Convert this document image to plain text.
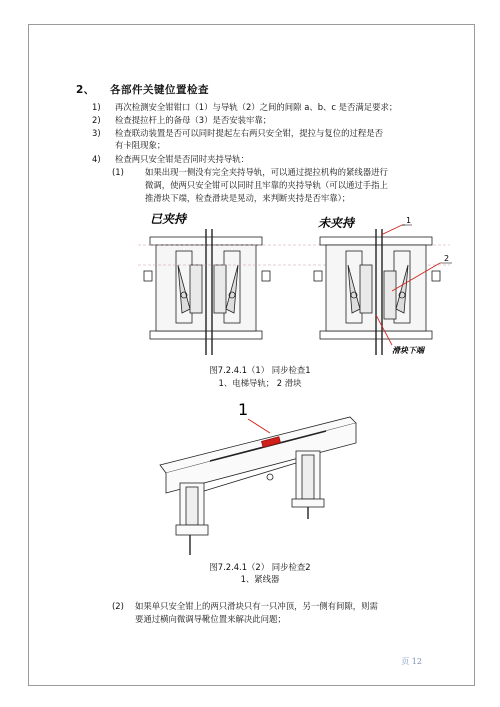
2、 各部件关键位置检查
1) 再次检测安全钳钳口（1）与导轨（2）之间的间隙 a、b、c 是否满足要求；
2) 检查提拉杆上的备母（3）是否安装牢靠；
3) 检查联动装置是否可以同时提起左右两只安全钳，提拉与复位的过程是否
有卡阻现象；
4) 检查两只安全钳是否同时夹持导轨：
(1)	如果出现一侧没有完全夹持导轨，可以通过提拉机构的紧线器进行
微调，使两只安全钳可以同时且牢靠的夹持导轨（可以通过手指上
推滑块下端，检查滑块是晃动，来判断夹持是否牢靠）；
已夹持	未夹持	1
2
滑块下端
图7.2.4.1（1） 同步检查1
1、电梯导轨； 2 滑块
1
图7.2.4.1（2） 同步检查2
1、紧线器
(2) 如果单只安全钳上的两只滑块只有一只冲顶，另一侧有间隙，则需
要通过横向微调导靴位置来解决此问题；
页 12
